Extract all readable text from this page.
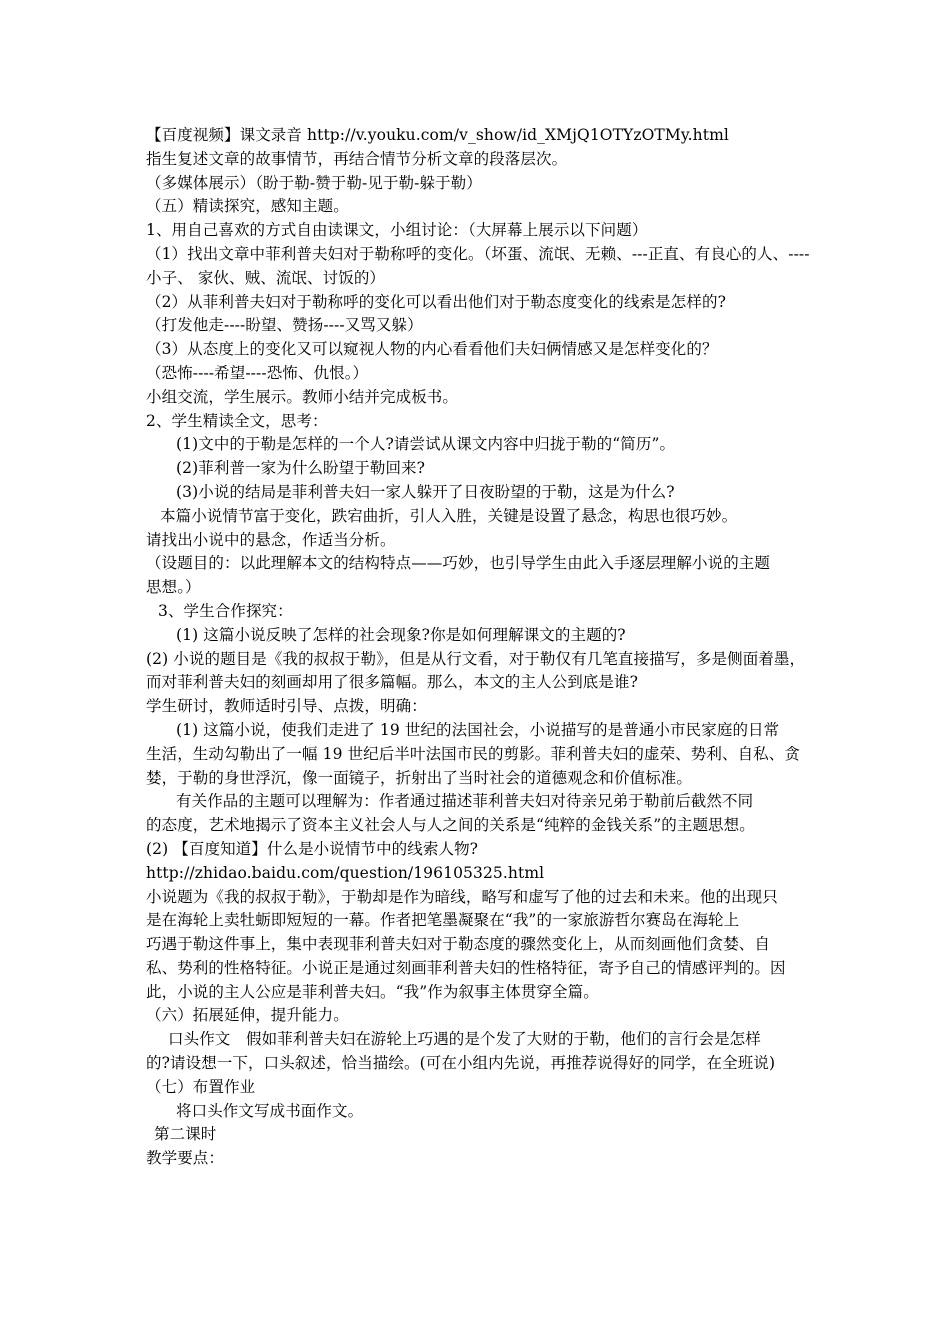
【百度视频】课文录音 http://v.youku.com/v_show/id_XMjQ1OTYzOTMy.html
指生复述文章的故事情节，再结合情节分析文章的段落层次。
（多媒体展示）（盼于勒-赞于勒-见于勒-躲于勒）
（五）精读探究，感知主题。
1、用自己喜欢的方式自由读课文，小组讨论：（大屏幕上展示以下问题）
（1）找出文章中菲利普夫妇对于勒称呼的变化。（坏蛋、流氓、无赖、---正直、有良心的人、----
小子、 家伙、贼、流氓、讨饭的）
（2）从菲利普夫妇对于勒称呼的变化可以看出他们对于勒态度变化的线索是怎样的?
（打发他走----盼望、赞扬----又骂又躲）
（3）从态度上的变化又可以窥视人物的内心看看他们夫妇俩情感又是怎样变化的？
（恐怖----希望----恐怖、仇恨。）
小组交流，学生展示。教师小结并完成板书。
2、学生精读全文，思考：
(1)文中的于勒是怎样的一个人?请尝试从课文内容中归拢于勒的“简历”。
(2)菲利普一家为什么盼望于勒回来?
(3)小说的结局是菲利普夫妇一家人躲开了日夜盼望的于勒，这是为什么?
本篇小说情节富于变化，跌宕曲折，引人入胜，关键是设置了悬念，构思也很巧妙。
请找出小说中的悬念，作适当分析。
（设题目的：以此理解本文的结构特点——巧妙，也引导学生由此入手逐层理解小说的主题
思想。）
3、学生合作探究：
(1) 这篇小说反映了怎样的社会现象?你是如何理解课文的主题的?
(2) 小说的题目是《我的叔叔于勒》，但是从行文看，对于勒仅有几笔直接描写，多是侧面着墨，
而对菲利普夫妇的刻画却用了很多篇幅。那么，本文的主人公到底是谁?
学生研讨，教师适时引导、点拨，明确：
(1) 这篇小说，使我们走进了 19 世纪的法国社会，小说描写的是普通小市民家庭的日常
生活，生动勾勒出了一幅 19 世纪后半叶法国市民的剪影。菲利普夫妇的虚荣、势利、自私、贪
婪，于勒的身世浮沉，像一面镜子，折射出了当时社会的道德观念和价值标准。
有关作品的主题可以理解为：作者通过描述菲利普夫妇对待亲兄弟于勒前后截然不同
的态度，艺术地揭示了资本主义社会人与人之间的关系是“纯粹的金钱关系”的主题思想。
(2) 【百度知道】什么是小说情节中的线索人物?
http://zhidao.baidu.com/question/196105325.html
小说题为《我的叔叔于勒》，于勒却是作为暗线，略写和虚写了他的过去和未来。他的出现只
是在海轮上卖牡蛎即短短的一幕。作者把笔墨凝聚在“我”的一家旅游哲尔赛岛在海轮上
巧遇于勒这件事上，集中表现菲利普夫妇对于勒态度的骤然变化上，从而刻画他们贪婪、自
私、势利的性格特征。小说正是通过刻画菲利普夫妇的性格特征，寄予自己的情感评判的。因
此，小说的主人公应是菲利普夫妇。“我”作为叙事主体贯穿全篇。
（六）拓展延伸，提升能力。
口头作文　假如菲利普夫妇在游轮上巧遇的是个发了大财的于勒，他们的言行会是怎样
的?请设想一下，口头叙述，恰当描绘。(可在小组内先说，再推荐说得好的同学，在全班说)
（七）布置作业
将口头作文写成书面作文。
第二课时
教学要点：
